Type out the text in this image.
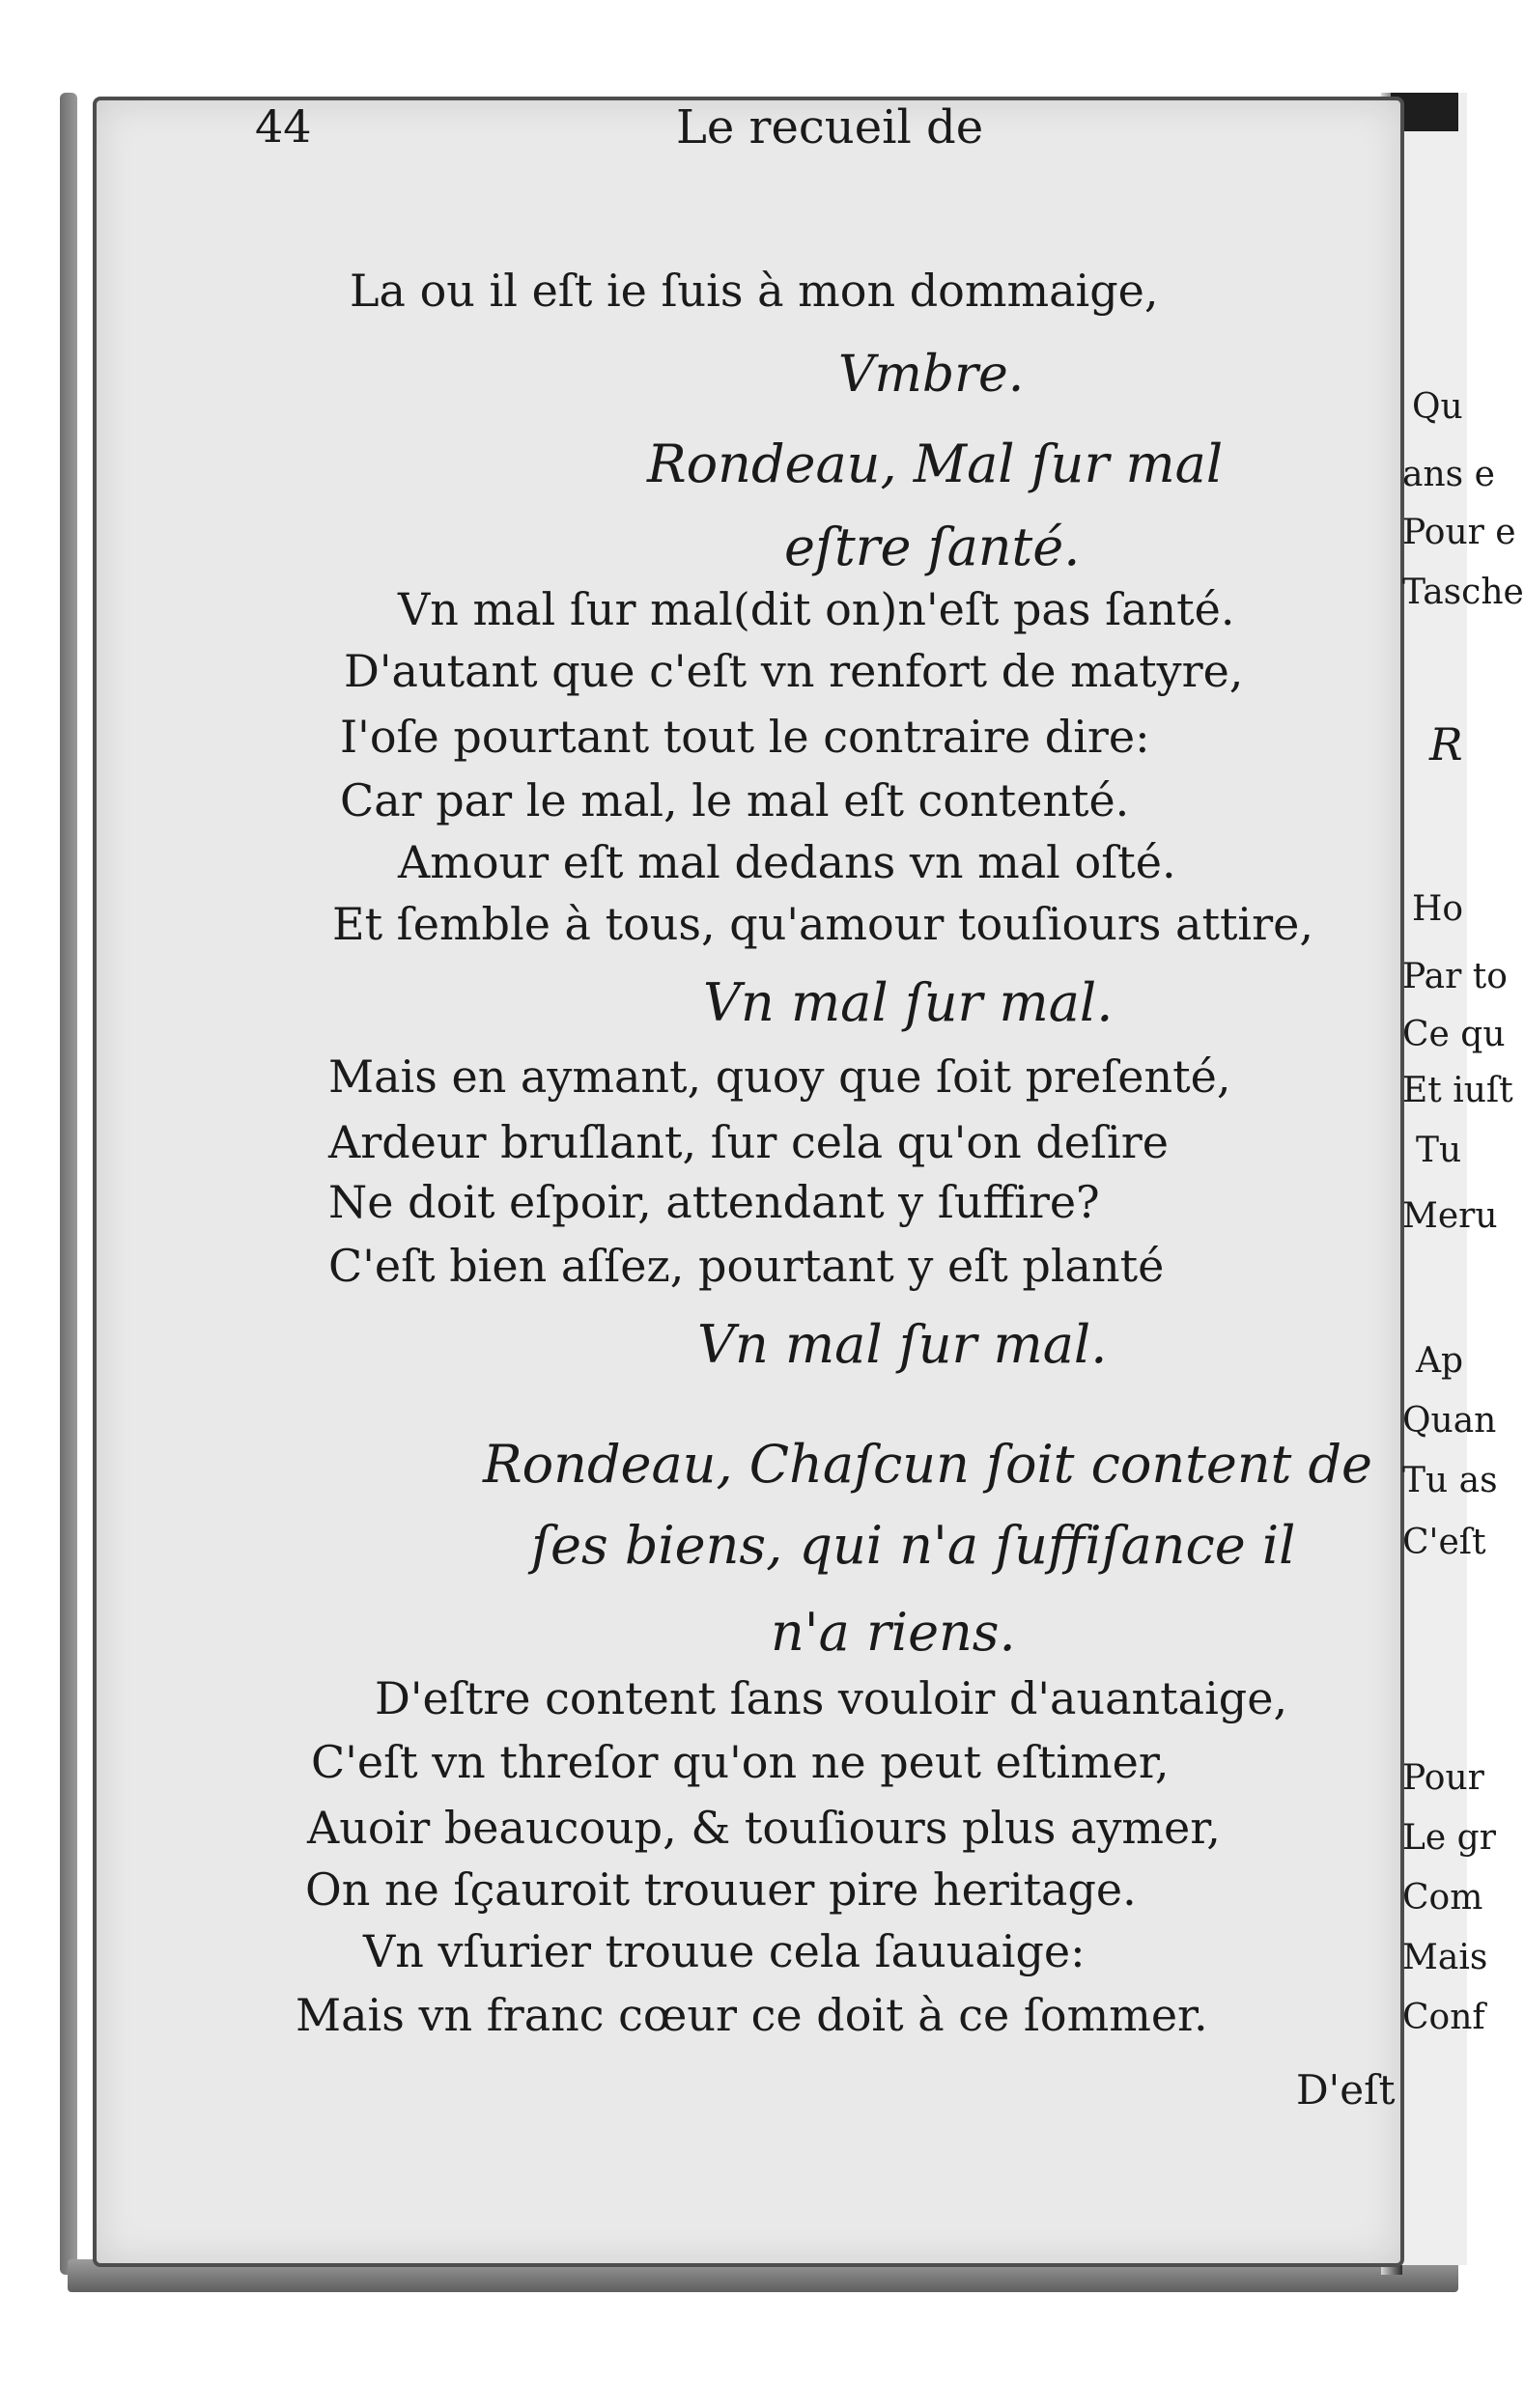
44	Le recueil de
La ou il eſt ie ſuis à mon dommaige,
Vmbre.
Rondeau, Mal ſur mal
eſtre ſanté.
Vn mal ſur mal(dit on)n'eſt pas ſanté.
D'autant que c'eſt vn renfort de matyre,
I'oſe pourtant tout le contraire dire:
Car par le mal, le mal eſt contenté.
Amour eſt mal dedans vn mal oſté.
Et ſemble à tous, qu'amour touſiours attire,
Vn mal ſur mal.
Mais en aymant, quoy que ſoit preſenté,
Ardeur bruſlant, ſur cela qu'on deſire
Ne doit eſpoir, attendant y ſuffire?
C'eſt bien aſſez, pourtant y eſt planté
Vn mal ſur mal.
Rondeau, Chaſcun ſoit content de
ſes biens, qui n'a ſuffiſance il
n'a riens.
D'eſtre content ſans vouloir d'auantaige,
C'eſt vn threſor qu'on ne peut eſtimer,
Auoir beaucoup, & touſiours plus aymer,
On ne ſçauroit trouuer pire heritage.
Vn vſurier trouue cela ſauuaige:
Mais vn franc cœur ce doit à ce ſommer.
D'eſt
Qu
ans e
Pour e
Tasche
R
Ho
Par to
Ce qu
Et iuſt
Tu
Meru
Ap
Quan
Tu as
C'eſt
Pour
Le gr
Com
Mais
Conf
